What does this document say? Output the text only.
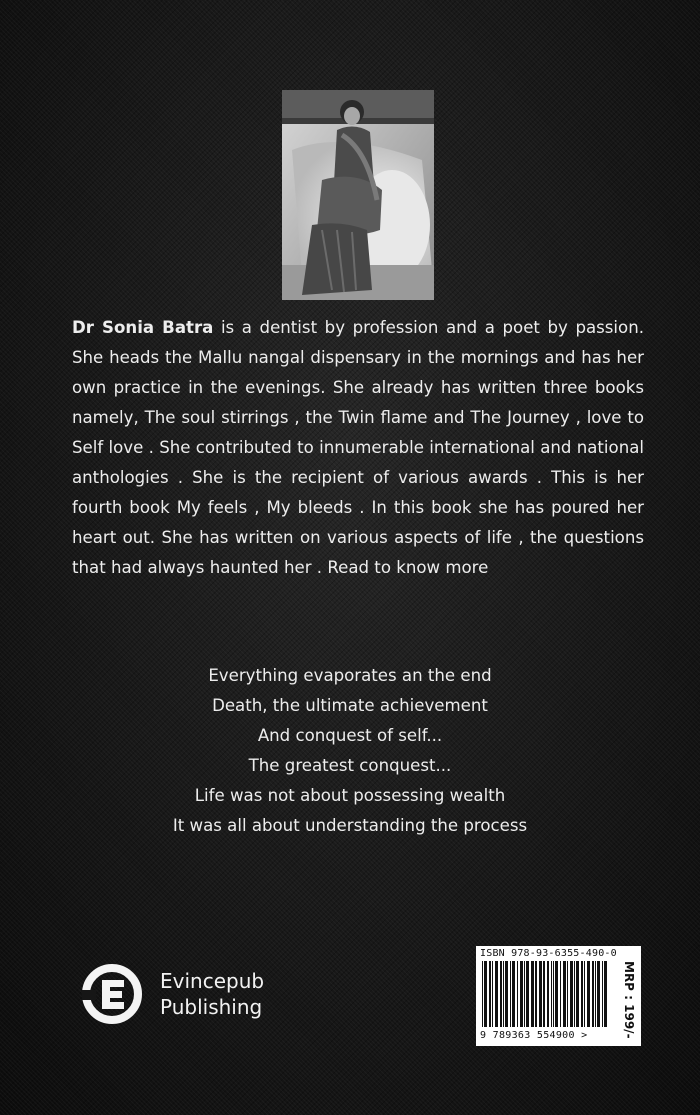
Dr Sonia Batra is a dentist by profession and a poet by passion. She heads the Mallu nangal dispensary in the mornings and has her own practice in the evenings. She already has written three books namely, The soul stirrings , the Twin flame and The Journey , love to Self love . She contributed to innumerable international and national anthologies . She is the recipient of various awards . This is her fourth book My feels , My bleeds . In this book she has poured her heart out. She has written on various aspects of life , the questions that had always haunted her . Read to know more
Everything evaporates an the end
Death, the ultimate achievement
And conquest of self...
The greatest conquest...
Life was not about possessing wealth
It was all about understanding the process
Evincepub
Publishing
ISBN 978-93-6355-490-0
9 789363 554900 >	MRP : 199/-
